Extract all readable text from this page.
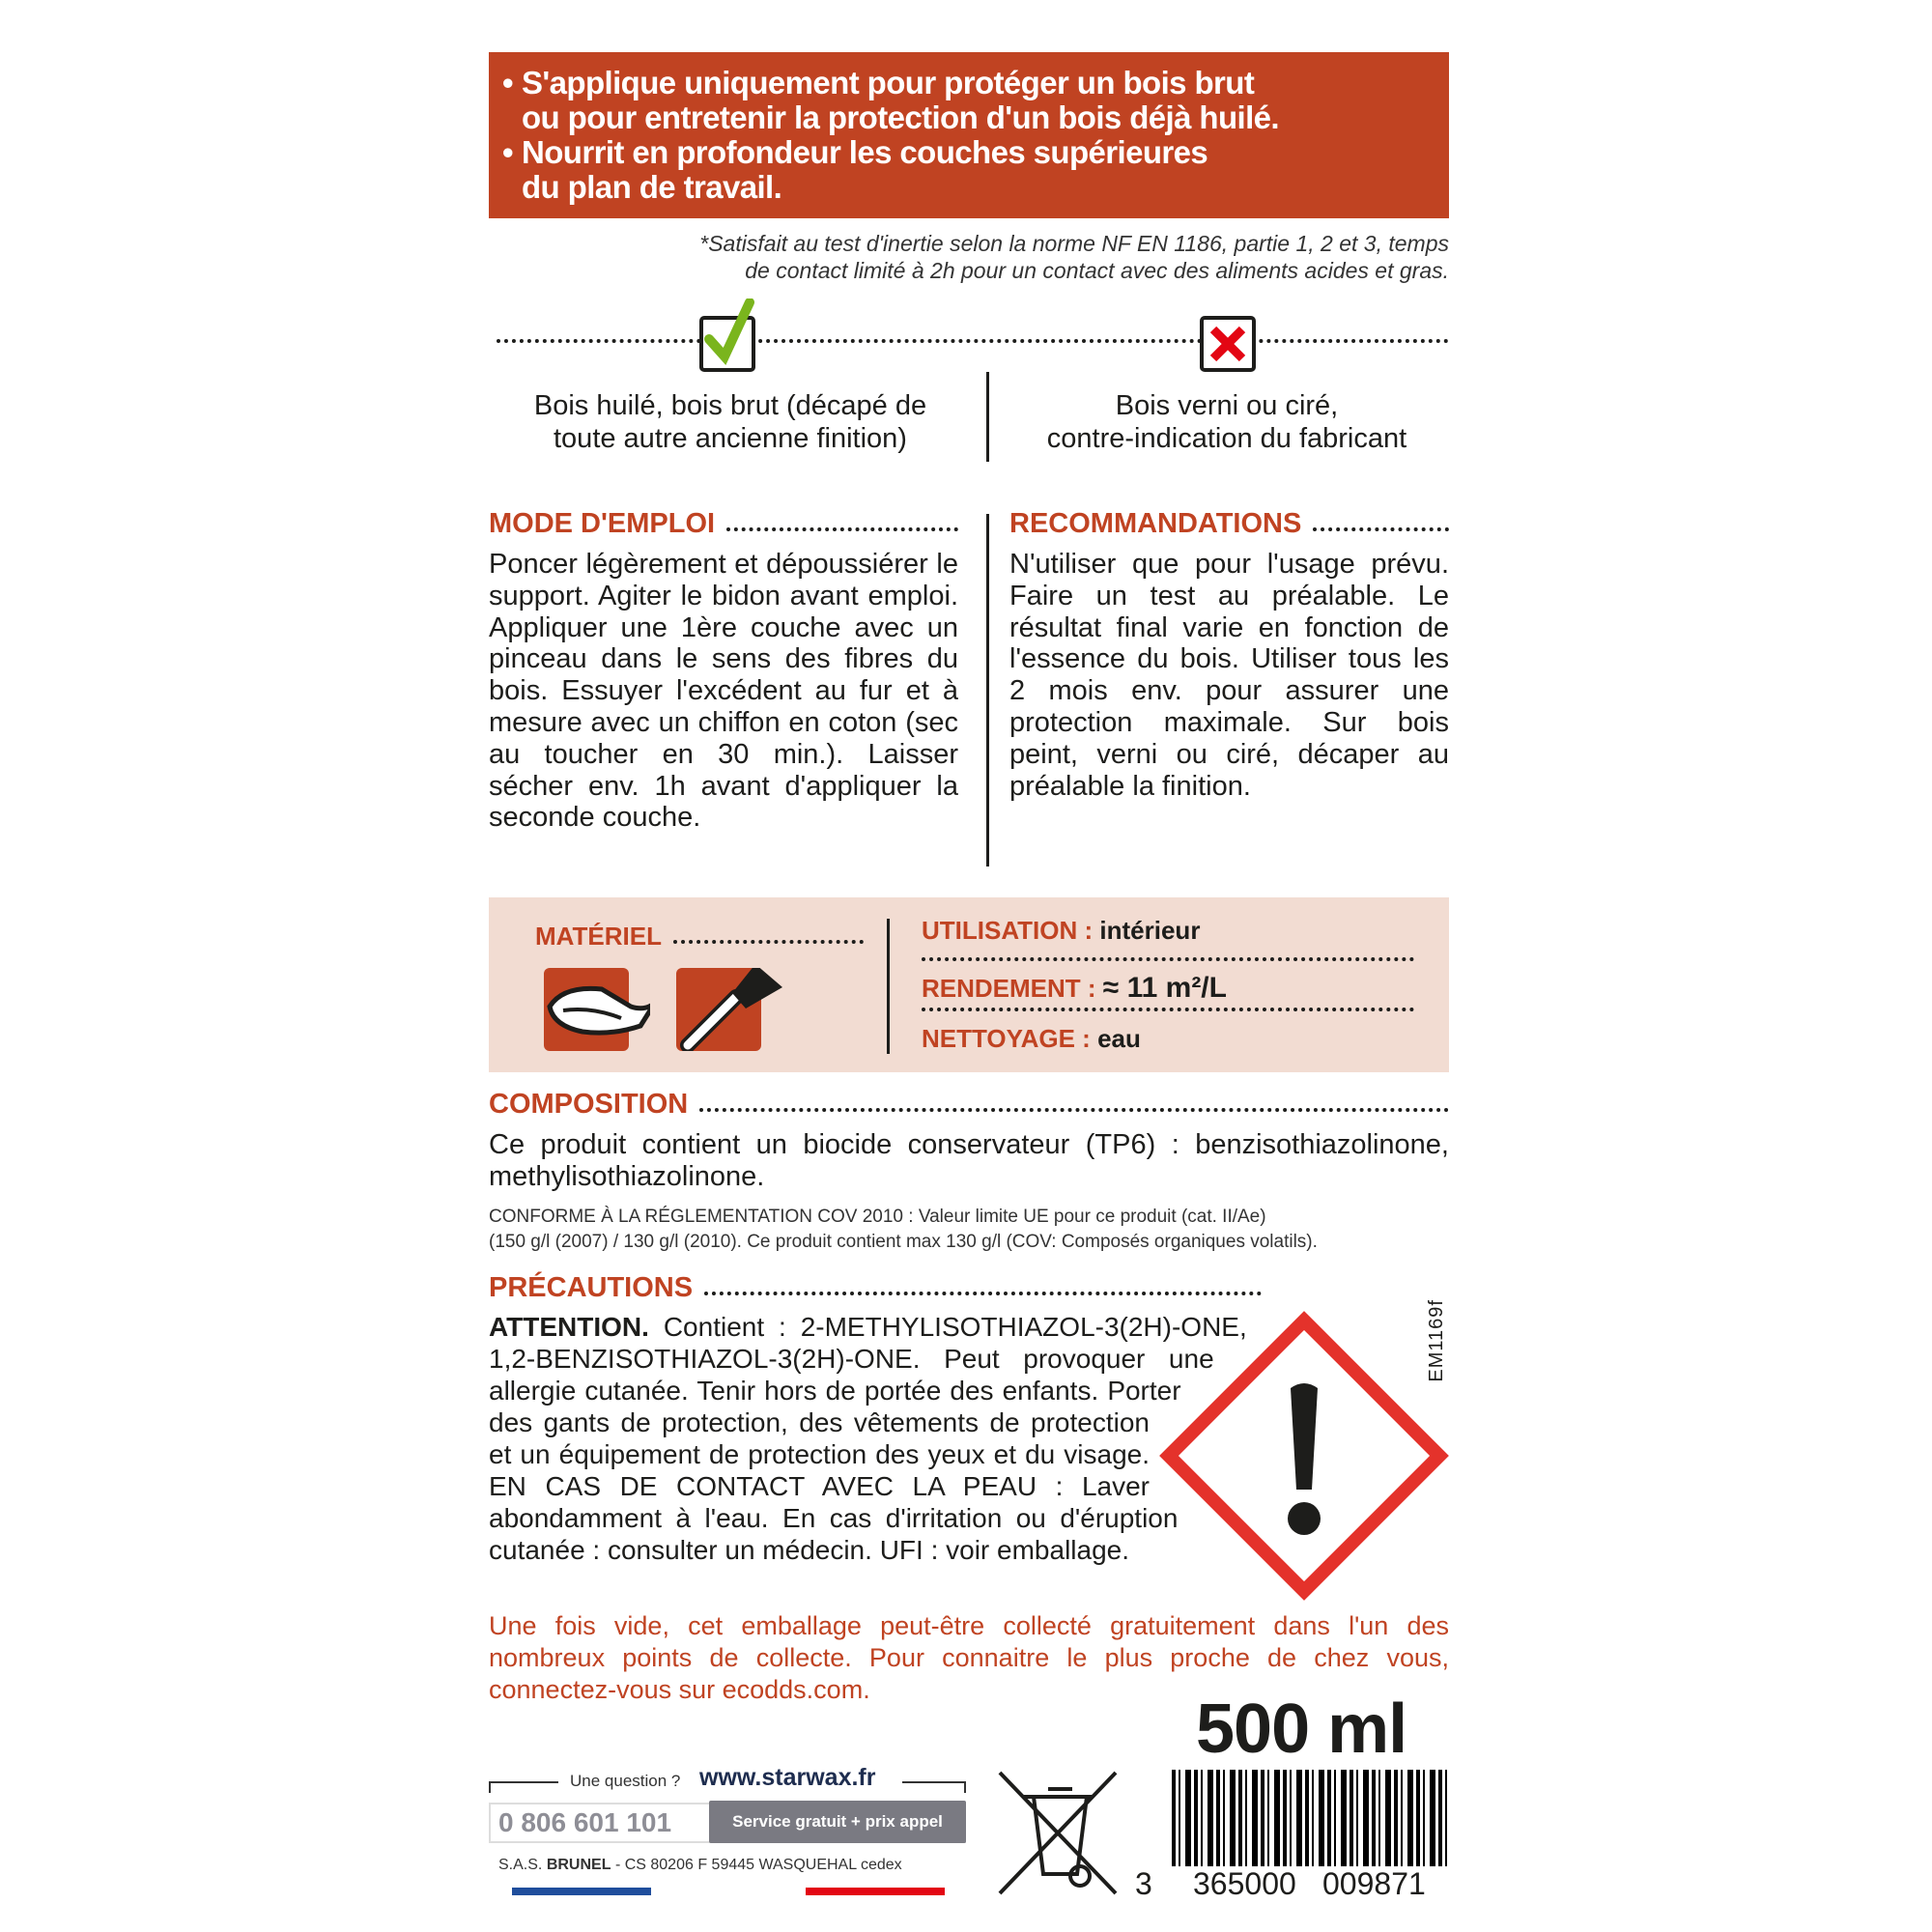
• S'applique uniquement pour protéger un bois brut
ou pour entretenir la protection d'un bois déjà huilé.
• Nourrit en profondeur les couches supérieures
du plan de travail.
*Satisfait au test d'inertie selon la norme NF EN 1186, partie 1, 2 et 3, temps
de contact limité à 2h pour un contact avec des aliments acides et gras.
Bois huilé, bois brut (décapé de
toute autre ancienne finition)
Bois verni ou ciré,
contre-indication du fabricant
MODE D'EMPLOI
Poncer légèrement et dépoussiérer le support. Agiter le bidon avant emploi. Appliquer une 1ère couche avec un pinceau dans le sens des fibres du bois. Essuyer l'excédent au fur et à mesure avec un chiffon en coton (sec au toucher en 30 min.). Laisser sécher env. 1h avant d'appliquer la seconde couche.
RECOMMANDATIONS
N'utiliser que pour l'usage prévu. Faire un test au préalable. Le résultat final varie en fonction de l'essence du bois. Utiliser tous les 2 mois env. pour assurer une protection maximale. Sur bois peint, verni ou ciré, décaper au préalable la finition.
MATÉRIEL	UTILISATION : intérieur
RENDEMENT : ≈ 11 m²/L
NETTOYAGE : eau
COMPOSITION
Ce produit contient un biocide conservateur (TP6) : benzisothiazolinone, methylisothiazolinone.
CONFORME À LA RÉGLEMENTATION COV 2010 : Valeur limite UE pour ce produit (cat. II/Ae)
(150 g/l (2007) / 130 g/l (2010). Ce produit contient max 130 g/l (COV: Composés organiques volatils).
PRÉCAUTIONS
ATTENTION. Contient : 2-METHYLISOTHIAZOL-3(2H)-ONE, 1,2-BENZISOTHIAZOL-3(2H)-ONE. Peut provoquer une allergie cutanée. Tenir hors de portée des enfants. Porter des gants de protection, des vêtements de protection et un équipement de protection des yeux et du visage. EN CAS DE CONTACT AVEC LA PEAU : Laver abondamment à l'eau. En cas d'irritation ou d'éruption cutanée : consulter un médecin. UFI : voir emballage.
Une fois vide, cet emballage peut-être collecté gratuitement dans l'un des nombreux points de collecte. Pour connaitre le plus proche de chez vous, connectez-vous sur ecodds.com.
EM1169f
500 ml
Une question ? www.starwax.fr
0 806 601 101	Service gratuit + prix appel
S.A.S. BRUNEL - CS 80206 F 59445 WASQUEHAL cedex
3 365000 009871
